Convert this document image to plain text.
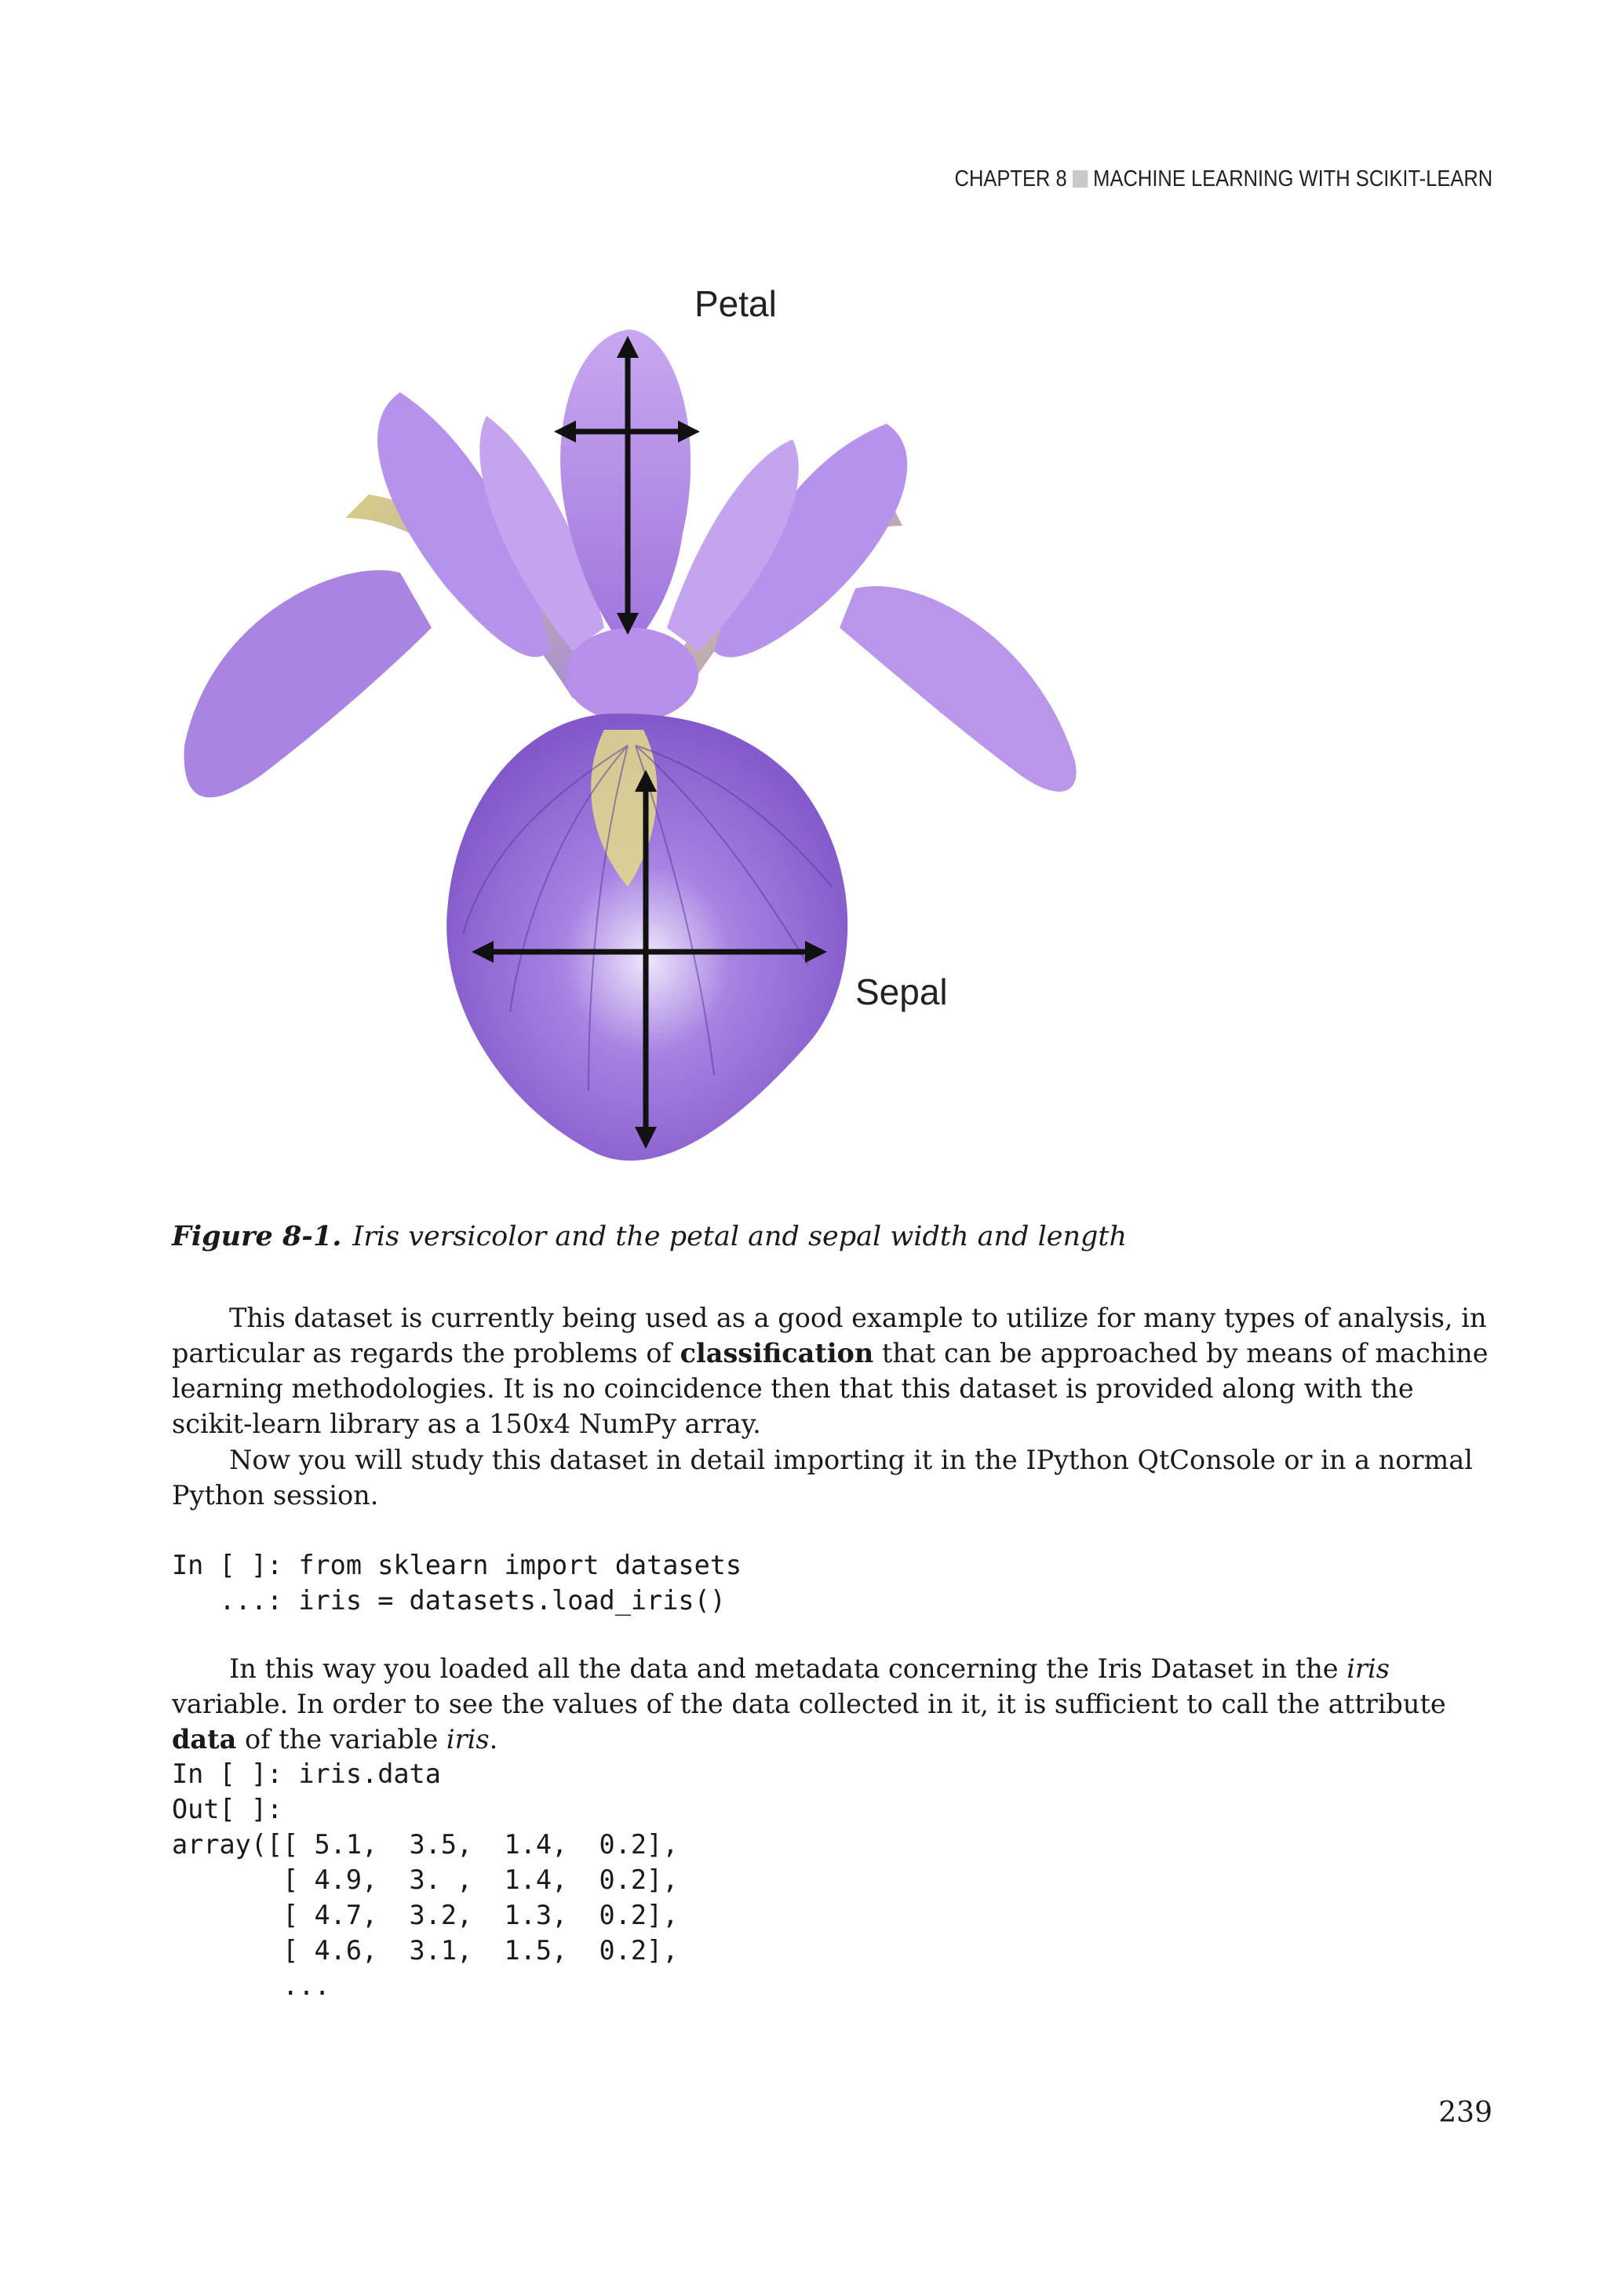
CHAPTER 8 MACHINE LEARNING WITH SCIKIT-LEARN
Petal
Sepal
Figure 8-1. Iris versicolor and the petal and sepal width and length
This dataset is currently being used as a good example to utilize for many types of analysis, in particular as regards the problems of classification that can be approached by means of machine learning methodologies. It is no coincidence then that this dataset is provided along with the scikit-learn library as a 150x4 NumPy array.
Now you will study this dataset in detail importing it in the IPython QtConsole or in a normal Python session.
In [ ]: from sklearn import datasets
...: iris = datasets.load_iris()
In this way you loaded all the data and metadata concerning the Iris Dataset in the iris variable. In order to see the values of the data collected in it, it is sufficient to call the attribute data of the variable iris.
In [ ]: iris.data
Out[ ]:
array([[ 5.1,  3.5,  1.4,  0.2],
[ 4.9,  3. ,  1.4,  0.2],
[ 4.7,  3.2,  1.3,  0.2],
[ 4.6,  3.1,  1.5,  0.2],
...
239
